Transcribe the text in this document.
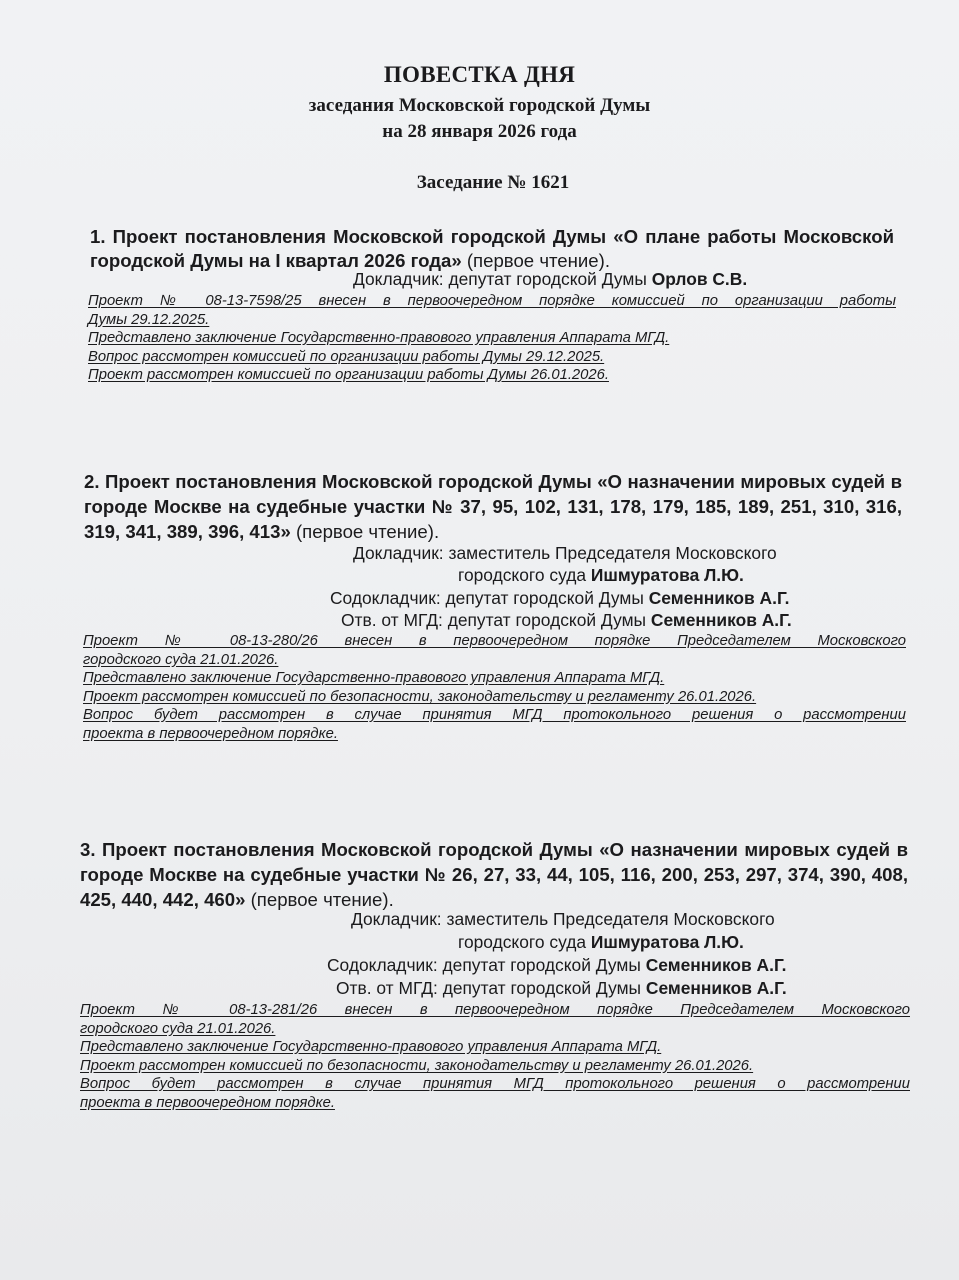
ПОВЕСТКА ДНЯ
заседания Московской городской Думы
на 28 января 2026 года
Заседание № 1621

1. Проект постановления Московской городской Думы «О плане работы Московской городской Думы на I квартал 2026 года» (первое чтение).

Докладчик: депутат городской Думы Орлов С.В.
Проект № 08-13-7598/25 внесен в первоочередном порядке комиссией по организации работы
Думы 29.12.2025.
Представлено заключение Государственно-правового управления Аппарата МГД.
Вопрос рассмотрен комиссией по организации работы Думы 29.12.2025.
Проект рассмотрен комиссией по организации работы Думы 26.01.2026.

2. Проект постановления Московской городской Думы «О назначении мировых судей в городе Москве на судебные участки № 37, 95, 102, 131, 178, 179, 185, 189, 251, 310, 316, 319, 341, 389, 396, 413» (первое чтение).

Докладчик: заместитель Председателя Московского
городского суда Ишмуратова Л.Ю.
Содокладчик: депутат городской Думы Семенников А.Г.
Отв. от МГД: депутат городской Думы Семенников А.Г.
Проект № 08-13-280/26 внесен в первоочередном порядке Председателем Московского
городского суда 21.01.2026.
Представлено заключение Государственно-правового управления Аппарата МГД.
Проект рассмотрен комиссией по безопасности, законодательству и регламенту 26.01.2026.
Вопрос будет рассмотрен в случае принятия МГД протокольного решения о рассмотрении
проекта в первоочередном порядке.

3. Проект постановления Московской городской Думы «О назначении мировых судей в городе Москве на судебные участки № 26, 27, 33, 44, 105, 116, 200, 253, 297, 374, 390, 408, 425, 440, 442, 460» (первое чтение).

Докладчик: заместитель Председателя Московского
городского суда Ишмуратова Л.Ю.
Содокладчик: депутат городской Думы Семенников А.Г.
Отв. от МГД: депутат городской Думы Семенников А.Г.
Проект № 08-13-281/26 внесен в первоочередном порядке Председателем Московского
городского суда 21.01.2026.
Представлено заключение Государственно-правового управления Аппарата МГД.
Проект рассмотрен комиссией по безопасности, законодательству и регламенту 26.01.2026.
Вопрос будет рассмотрен в случае принятия МГД протокольного решения о рассмотрении
проекта в первоочередном порядке.
